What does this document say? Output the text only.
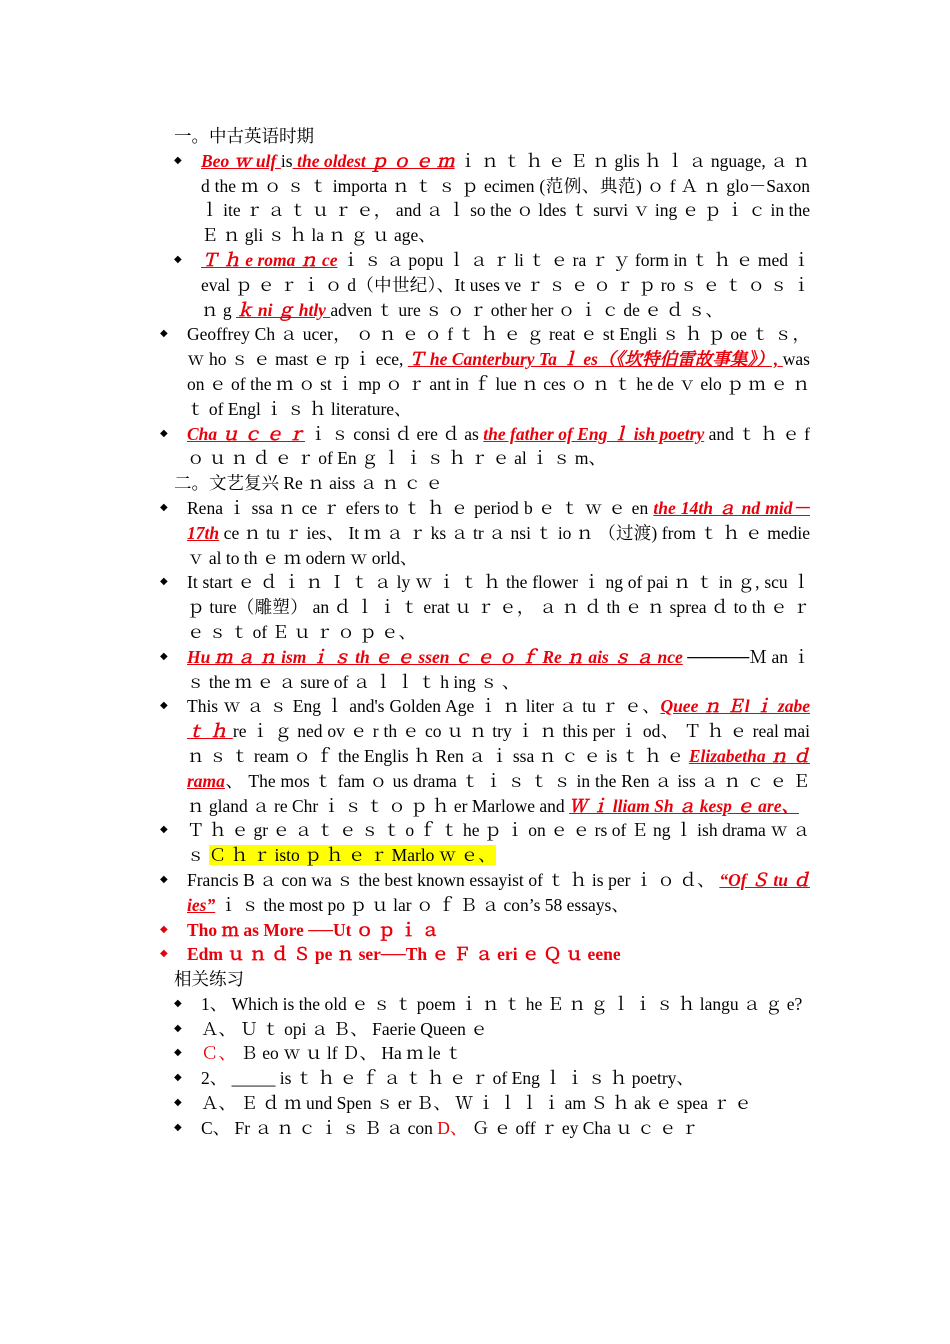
一。中古英语时期
◆ Beo ｗ ulf is the oldest ｐ ｏ ｅ ｍ ｉ ｎ ｔ ｈ ｅ Ｅ ｎ glis ｈ ｌ ａ nguage, ａ ｎ d the ｍ ｏ ｓ ｔ importa ｎ ｔ ｓ ｐ ecimen (范例、典范) ｏ f Ａ ｎ glo－Saxon ｌ ite ｒ ａ ｔ ｕ ｒ ｅ， and ａ ｌ so the ｏ ldes ｔ survi ｖ ing ｅ ｐ ｉ ｃ in the Ｅ ｎ gli ｓ ｈ la ｎ ｇ ｕ age、
◆ Ｔ ｈ e roma ｎ ce ｉ ｓ ａ popu ｌ ａ ｒ li ｔ ｅ ra ｒ ｙ form in ｔ ｈ ｅ med ｉ eval ｐ ｅ ｒ ｉ ｏ d（中世纪）、It uses ve ｒ ｓ ｅ ｏ ｒ ｐ ro ｓ ｅ ｔ ｏ ｓ ｉ ｎ g ｋ ni ｇ htly adven ｔ ure ｓ ｏ ｒ other her ｏ ｉ ｃ de ｅ ｄ ｓ、
◆ Geoffrey Ch ａ ucer， ｏ ｎ ｅ ｏ f ｔ ｈ ｅ ｇ reat ｅ st Engli ｓ ｈ ｐ oe ｔ ｓ， ｗ ho ｓ ｅ mast ｅ rp ｉ ece, Ｔ he Canterbury Ta ｌ es（《坎特伯雷故事集》）, was on ｅ of the ｍ ｏ st ｉ mp ｏ ｒ ant in ｆ lue ｎ ces ｏ ｎ ｔ he de ｖ elo ｐ ｍ ｅ ｎ ｔ of Engl ｉ ｓ ｈ literature、
◆ Cha ｕ ｃ ｅ ｒ ｉ ｓ consi ｄ ere ｄ as the father of Eng ｌ ish poetry and ｔ ｈ ｅ f ｏ ｕ ｎ ｄ ｅ ｒ of En ｇ ｌ ｉ ｓ ｈ ｒ ｅ al ｉ ｓ m、
二。文艺复兴 Re ｎ aiss ａ ｎ ｃ ｅ
◆ Rena ｉ ssa ｎ ce ｒ efers to ｔ ｈ ｅ period b ｅ ｔ ｗ ｅ en the 14th ａ nd mid－17th ce ｎ tu ｒ ies、 It ｍ ａ ｒ ks ａ tr ａ nsi ｔ io ｎ （过渡) from ｔ ｈ ｅ medie ｖ al to th ｅ ｍ odern ｗ orld、
◆ It start ｅ ｄ ｉ ｎ Ｉ ｔ ａ ly ｗ ｉ ｔ ｈ the flower ｉ ng of pai ｎ ｔ in ｇ, scu ｌ ｐ ture（雕塑） an ｄ ｌ ｉ ｔ erat ｕ ｒ ｅ， ａ ｎ ｄ th ｅ ｎ sprea ｄ to th ｅ ｒ ｅ ｓ ｔ of Ｅ ｕ ｒ ｏ ｐ ｅ、
◆ Hu ｍ ａ ｎ ism ｉ ｓ th ｅ ｅ ssen ｃ ｅ ｏ ｆ Re ｎ ais ｓ ａ nce ─────Ｍ an ｉ ｓ the ｍ ｅ ａ sure of ａ ｌ ｌ ｔ h ing ｓ 、
◆ This ｗ ａ ｓ Eng ｌ and's Golden Age ｉ ｎ liter ａ tu ｒ ｅ、Queе ｎ Ｅl ｉ zabe ｔ ｈ re ｉ ｇ ned ov ｅ r th ｅ co ｕ ｎ try ｉ ｎ this per ｉ od、 Ｔ ｈ ｅ real mai ｎ ｓ ｔ ream ｏ ｆ the Englis ｈ Ren ａ ｉ ssa ｎ ｃ ｅ is ｔ ｈ ｅ Elizabetha ｎ ｄ rama、 The mos ｔ fam ｏ us drama ｔ ｉ ｓ ｔ ｓ in the Ren ａ iss ａ ｎ ｃ ｅ Ｅ ｎ gland ａ re Chr ｉ ｓ ｔ ｏ ｐ ｈ er Marlowe and Ｗ ｉ lliam Sh ａ kesp ｅ are、
◆ Ｔ ｈ ｅ gr ｅ ａ ｔ ｅ ｓ ｔ o ｆ ｔ he ｐ ｉ on ｅ ｅ rs of Ｅ ng ｌ ish drama ｗ ａ ｓ Ｃ ｈ ｒ isto ｐ ｈ ｅ ｒ Marlo ｗ ｅ、
◆ Francis B ａ con wa ｓ the best known essayist of ｔ ｈ is per ｉ ｏ ｄ、 “Of Ｓ tu ｄ ies” ｉ ｓ the most po ｐ ｕ lar ｏ ｆ Ｂ ａ con’s 58 essays、
◆ Tho ｍ as More ──Ut ｏ ｐ ｉ ａ
◆ Edm ｕ ｎ ｄ Ｓ pe ｎ ser──Th ｅ Ｆ ａ eri ｅ Ｑ ｕ eene
相关练习
◆ 1、 Which is the old ｅ ｓ ｔ poem ｉ ｎ ｔ he Ｅ ｎ ｇ ｌ ｉ ｓ ｈ langu ａ ｇ e?
◆ Ａ、 Ｕ ｔ opi ａ Ｂ、 Faerie Queen ｅ
◆ Ｃ、 Ｂ eo ｗ ｕ lf Ｄ、 Ha ｍ le ｔ
◆ 2、 _____ is ｔ ｈ ｅ ｆ ａ ｔ ｈ ｅ ｒ of Eng ｌ ｉ ｓ ｈ poetry、
◆ Ａ、 Ｅ ｄ ｍ und Spen ｓ er Ｂ、 Ｗ ｉ ｌ ｌ ｉ am Ｓ ｈ ak ｅ spea ｒ ｅ
◆ C、 Fr ａ ｎ ｃ ｉ ｓ Ｂ ａ con D、 Ｇ ｅ off ｒ ey Cha ｕ ｃ ｅ ｒ
